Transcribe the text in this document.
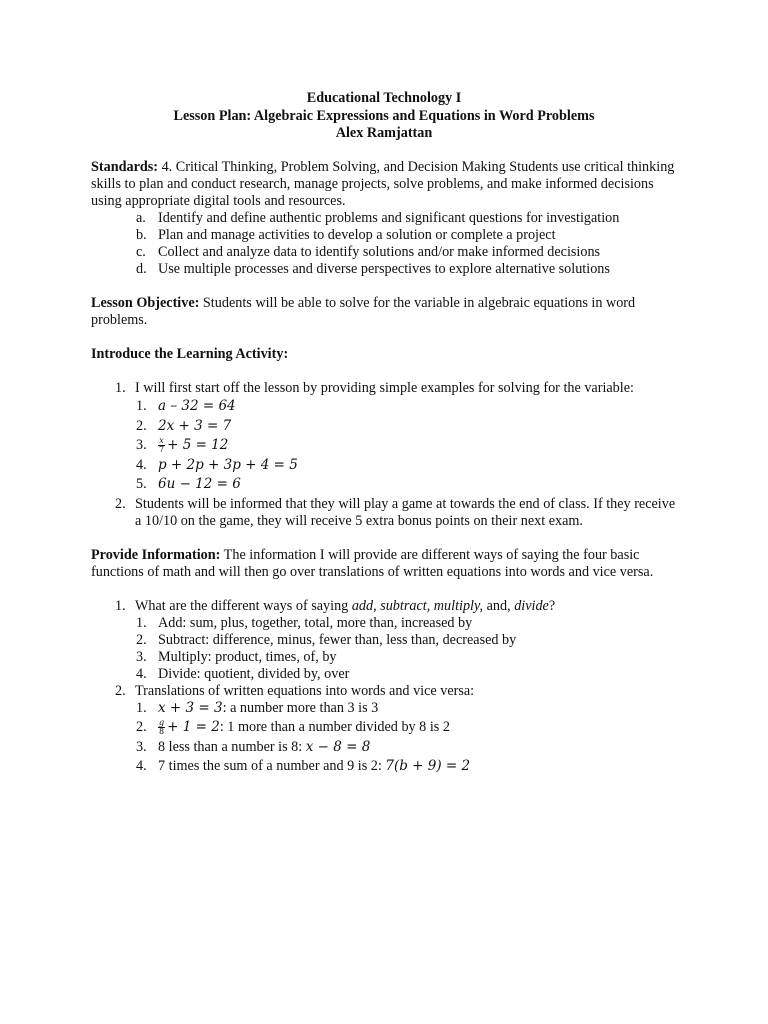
Educational Technology I
Lesson Plan: Algebraic Expressions and Equations in Word Problems
Alex Ramjattan

Standards: 4. Critical Thinking, Problem Solving, and Decision Making Students use critical thinking skills to plan and conduct research, manage projects, solve problems, and make informed decisions using appropriate digital tools and resources.

a. Identify and define authentic problems and significant questions for investigation
b. Plan and manage activities to develop a solution or complete a project
c. Collect and analyze data to identify solutions and/or make informed decisions
d. Use multiple processes and diverse perspectives to explore alternative solutions

Lesson Objective: Students will be able to solve for the variable in algebraic equations in word problems.

Introduce the Learning Activity:

1. I will first start off the lesson by providing simple examples for solving for the variable:
1. a – 32 = 64
2. 2x + 3 = 7
3. $\frac{x}{7} + 5 = 12$
4. p + 2p + 3p + 4 = 5
5. 6u − 12 = 6
2. Students will be informed that they will play a game at towards the end of class. If they receive a 10/10 on the game, they will receive 5 extra bonus points on their next exam.

Provide Information: The information I will provide are different ways of saying the four basic functions of math and will then go over translations of written equations into words and vice versa.

1. What are the different ways of saying add, subtract, multiply, and, divide?
1. Add: sum, plus, together, total, more than, increased by
2. Subtract: difference, minus, fewer than, less than, decreased by
3. Multiply: product, times, of, by
4. Divide: quotient, divided by, over
2. Translations of written equations into words and vice versa:
1. x + 3 = 3: a number more than 3 is 3
2. $\frac{g}{8} + 1 = 2$: 1 more than a number divided by 8 is 2
3. 8 less than a number is 8: x − 8 = 8
4. 7 times the sum of a number and 9 is 2: 7(b + 9) = 2
